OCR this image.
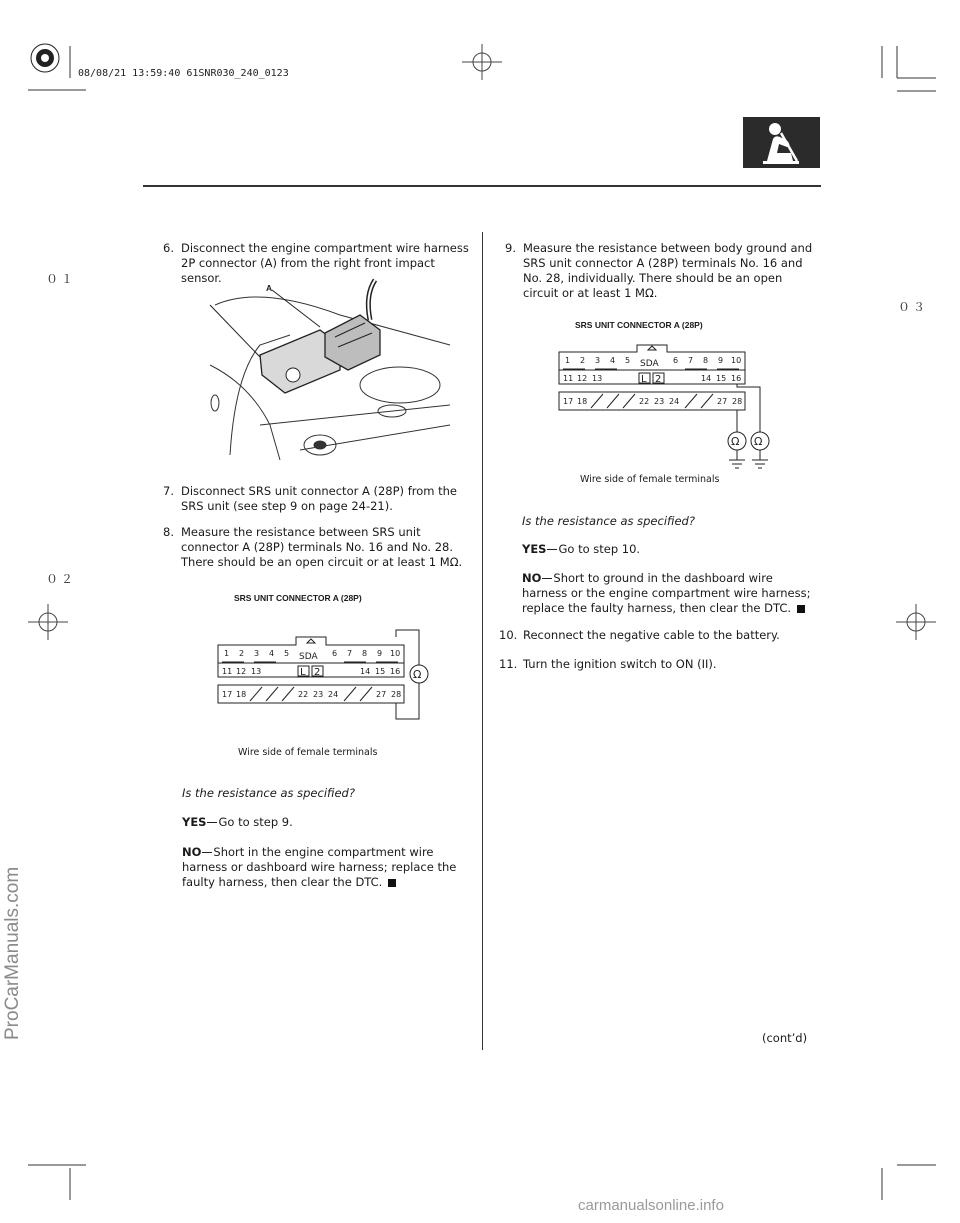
08/08/21 13:59:40 61SNR030_240_0123
０１
０２
０３
ProCarManuals.com
carmanualsonline.info
6. Disconnect the engine compartment wire harness
2P connector (A) from the right front impact sensor.
A
7. Disconnect SRS unit connector A (28P) from the
SRS unit (see step 9 on page 24-21).
8. Measure the resistance between SRS unit
connector A (28P) terminals No. 16 and No. 28.
There should be an open circuit or at least 1 MΩ.
SRS UNIT CONNECTOR A (28P)
1 2 3 4 5	6 7 8 9 10
SDA
L 2
11 12 13	14 15 16
17 18	22 23 24	27 28
Ω
Wire side of female terminals
Is the resistance as specified?
YES Go to step 9.
NO Short in the engine compartment wire
harness or dashboard wire harness; replace the
faulty harness, then clear the DTC.
9. Measure the resistance between body ground and
SRS unit connector A (28P) terminals No. 16 and
No. 28, individually. There should be an open
circuit or at least 1 MΩ.
SRS UNIT CONNECTOR A (28P)
1 2 3 4 5	6 7 8 9 10
SDA
L 2
11 12 13	14 15 16
17 18	22 23 24	27 28
Ω Ω
Wire side of female terminals
Is the resistance as specified?
YES Go to step 10.
NO Short to ground in the dashboard wire
harness or the engine compartment wire harness;
replace the faulty harness, then clear the DTC.
10. Reconnect the negative cable to the battery.
11. Turn the ignition switch to ON (II).
(cont’d)
